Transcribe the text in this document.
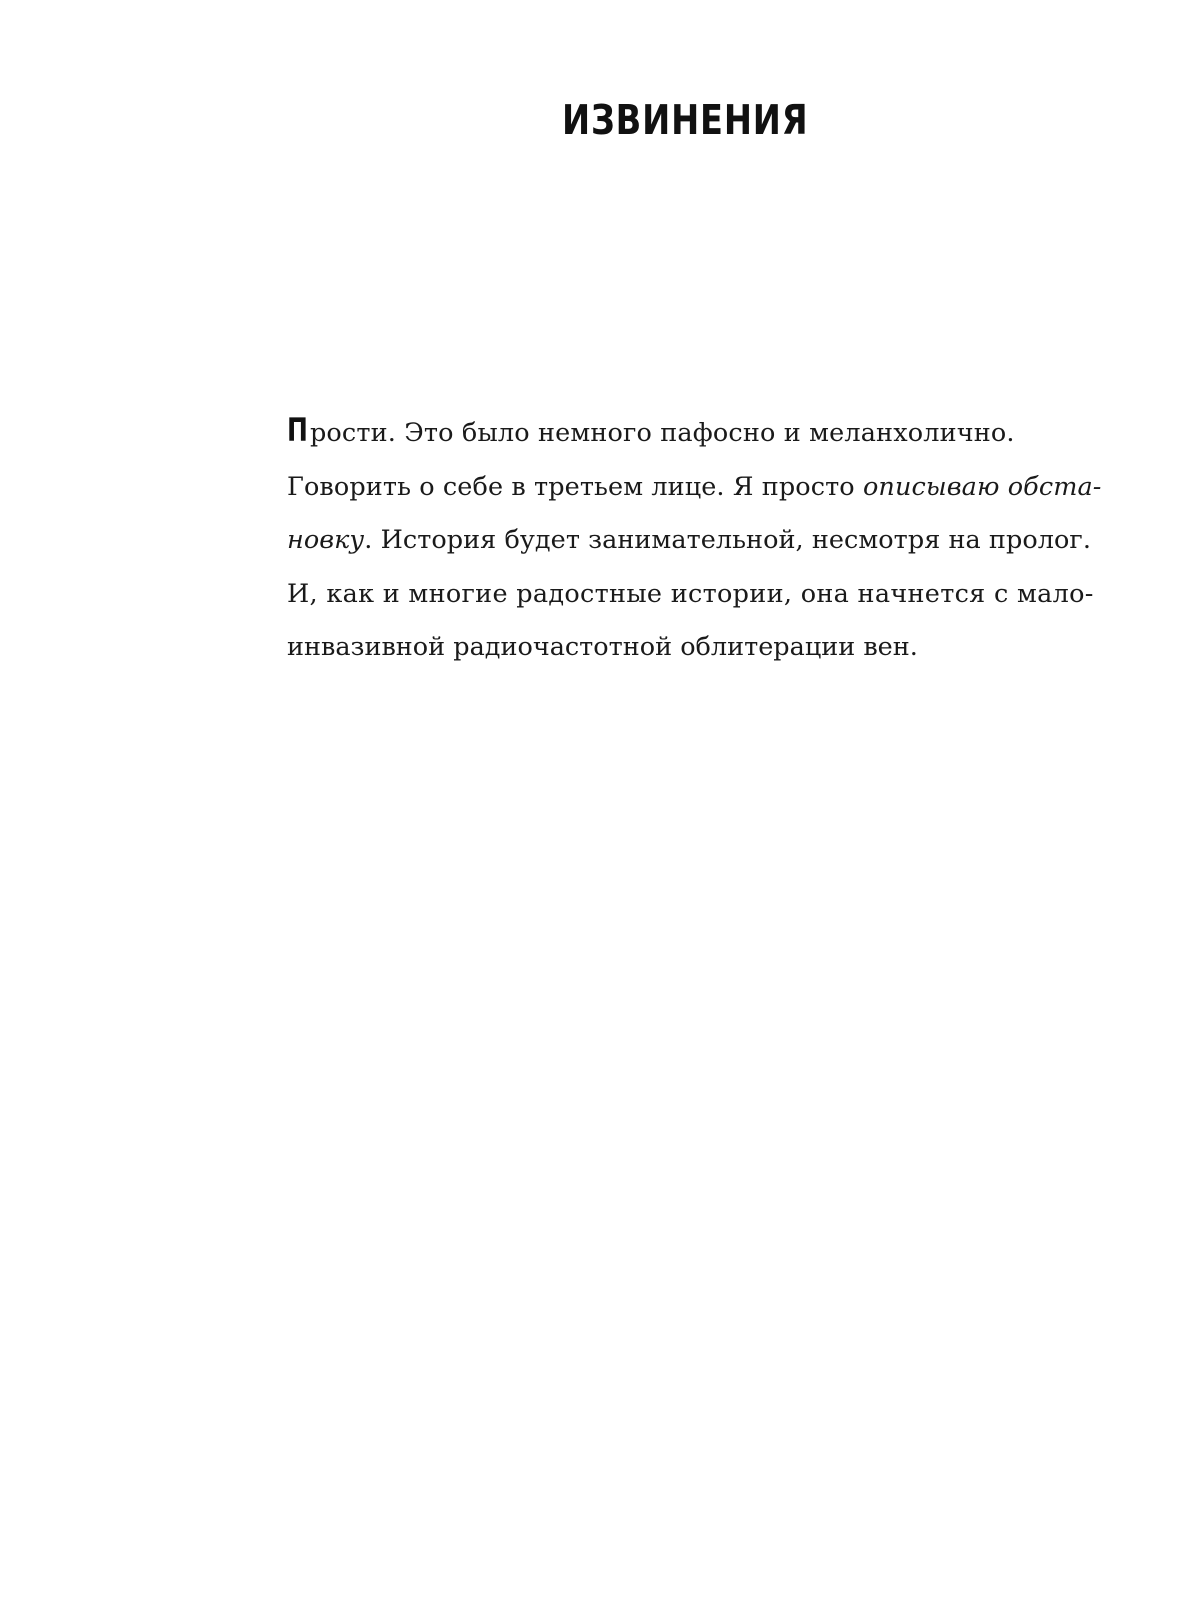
ИЗВИНЕНИЯ
Прости. Это было немного пафосно и меланхолично.
Говорить о себе в третьем лице. Я просто описываю обста-
новку. История будет занимательной, несмотря на пролог.
И, как и многие радостные истории, она начнется с мало-
инвазивной радиочастотной облитерации вен.
